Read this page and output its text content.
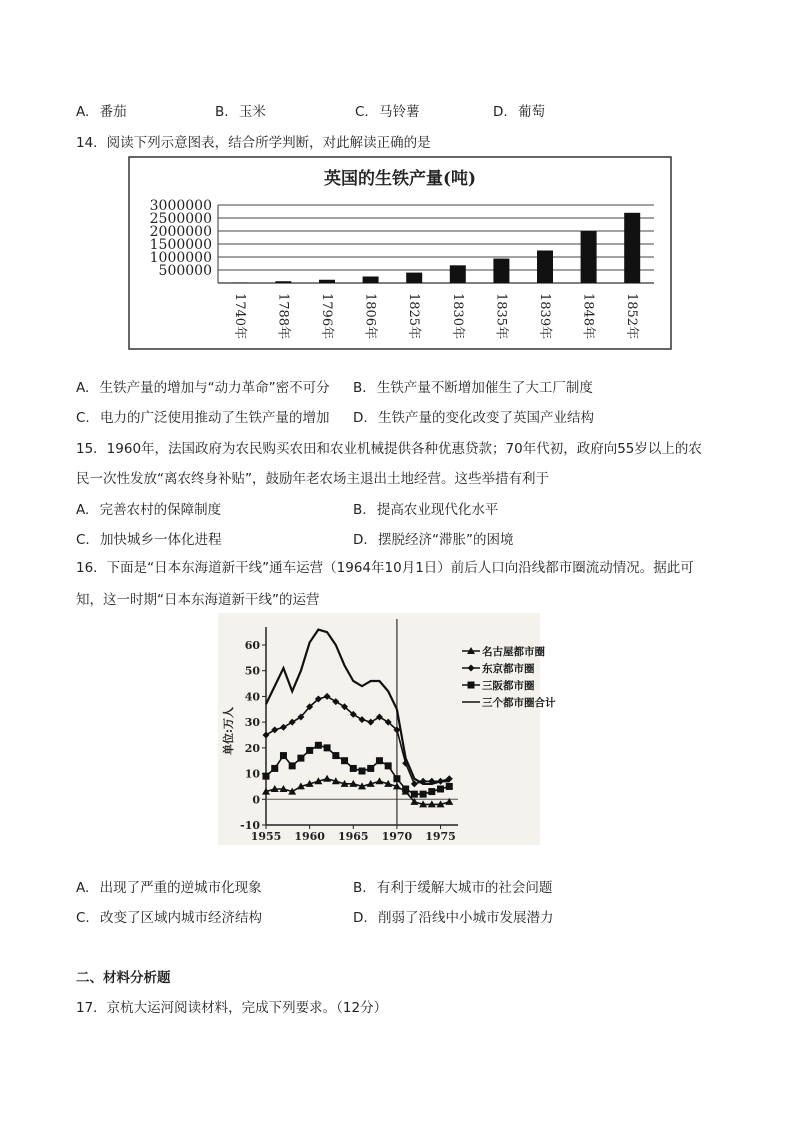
A. 番茄	B. 玉米	C. 马铃薯	D. 葡萄
14．阅读下列示意图表，结合所学判断，对此解读正确的是
英国的生铁产量(吨)
3000000
2500000
2000000
1500000
1000000
500000
1740年 1788年 1796年 1806年 1825年 1830年 1835年 1839年 1848年 1852年
A. 生铁产量的增加与“动力革命”密不可分 B. 生铁产量不断增加催生了大工厂制度
C. 电力的广泛使用推动了生铁产量的增加 D. 生铁产量的变化改变了英国产业结构
15．1960年，法国政府为农民购买农田和农业机械提供各种优惠贷款；70年代初，政府向55岁以上的农
民一次性发放“离农终身补贴”，鼓励年老农场主退出土地经营。这些举措有利于
A. 完善农村的保障制度	B. 提高农业现代化水平
C. 加快城乡一体化进程	D. 摆脱经济“滞胀”的困境
16．下面是“日本东海道新干线”通车运营（1964年10月1日）前后人口向沿线都市圈流动情况。据此可
知，这一时期“日本东海道新干线”的运营
单位:万人
-10
0
10
20
30
40
50
60
1955 1960 1965 1970 1975
名古屋都市圈
东京都市圈
三阪都市圈
三个都市圈合计
A. 出现了严重的逆城市化现象	B. 有利于缓解大城市的社会问题
C. 改变了区域内城市经济结构	D. 削弱了沿线中小城市发展潜力
二、材料分析题
17．京杭大运河阅读材料，完成下列要求。（12分）
